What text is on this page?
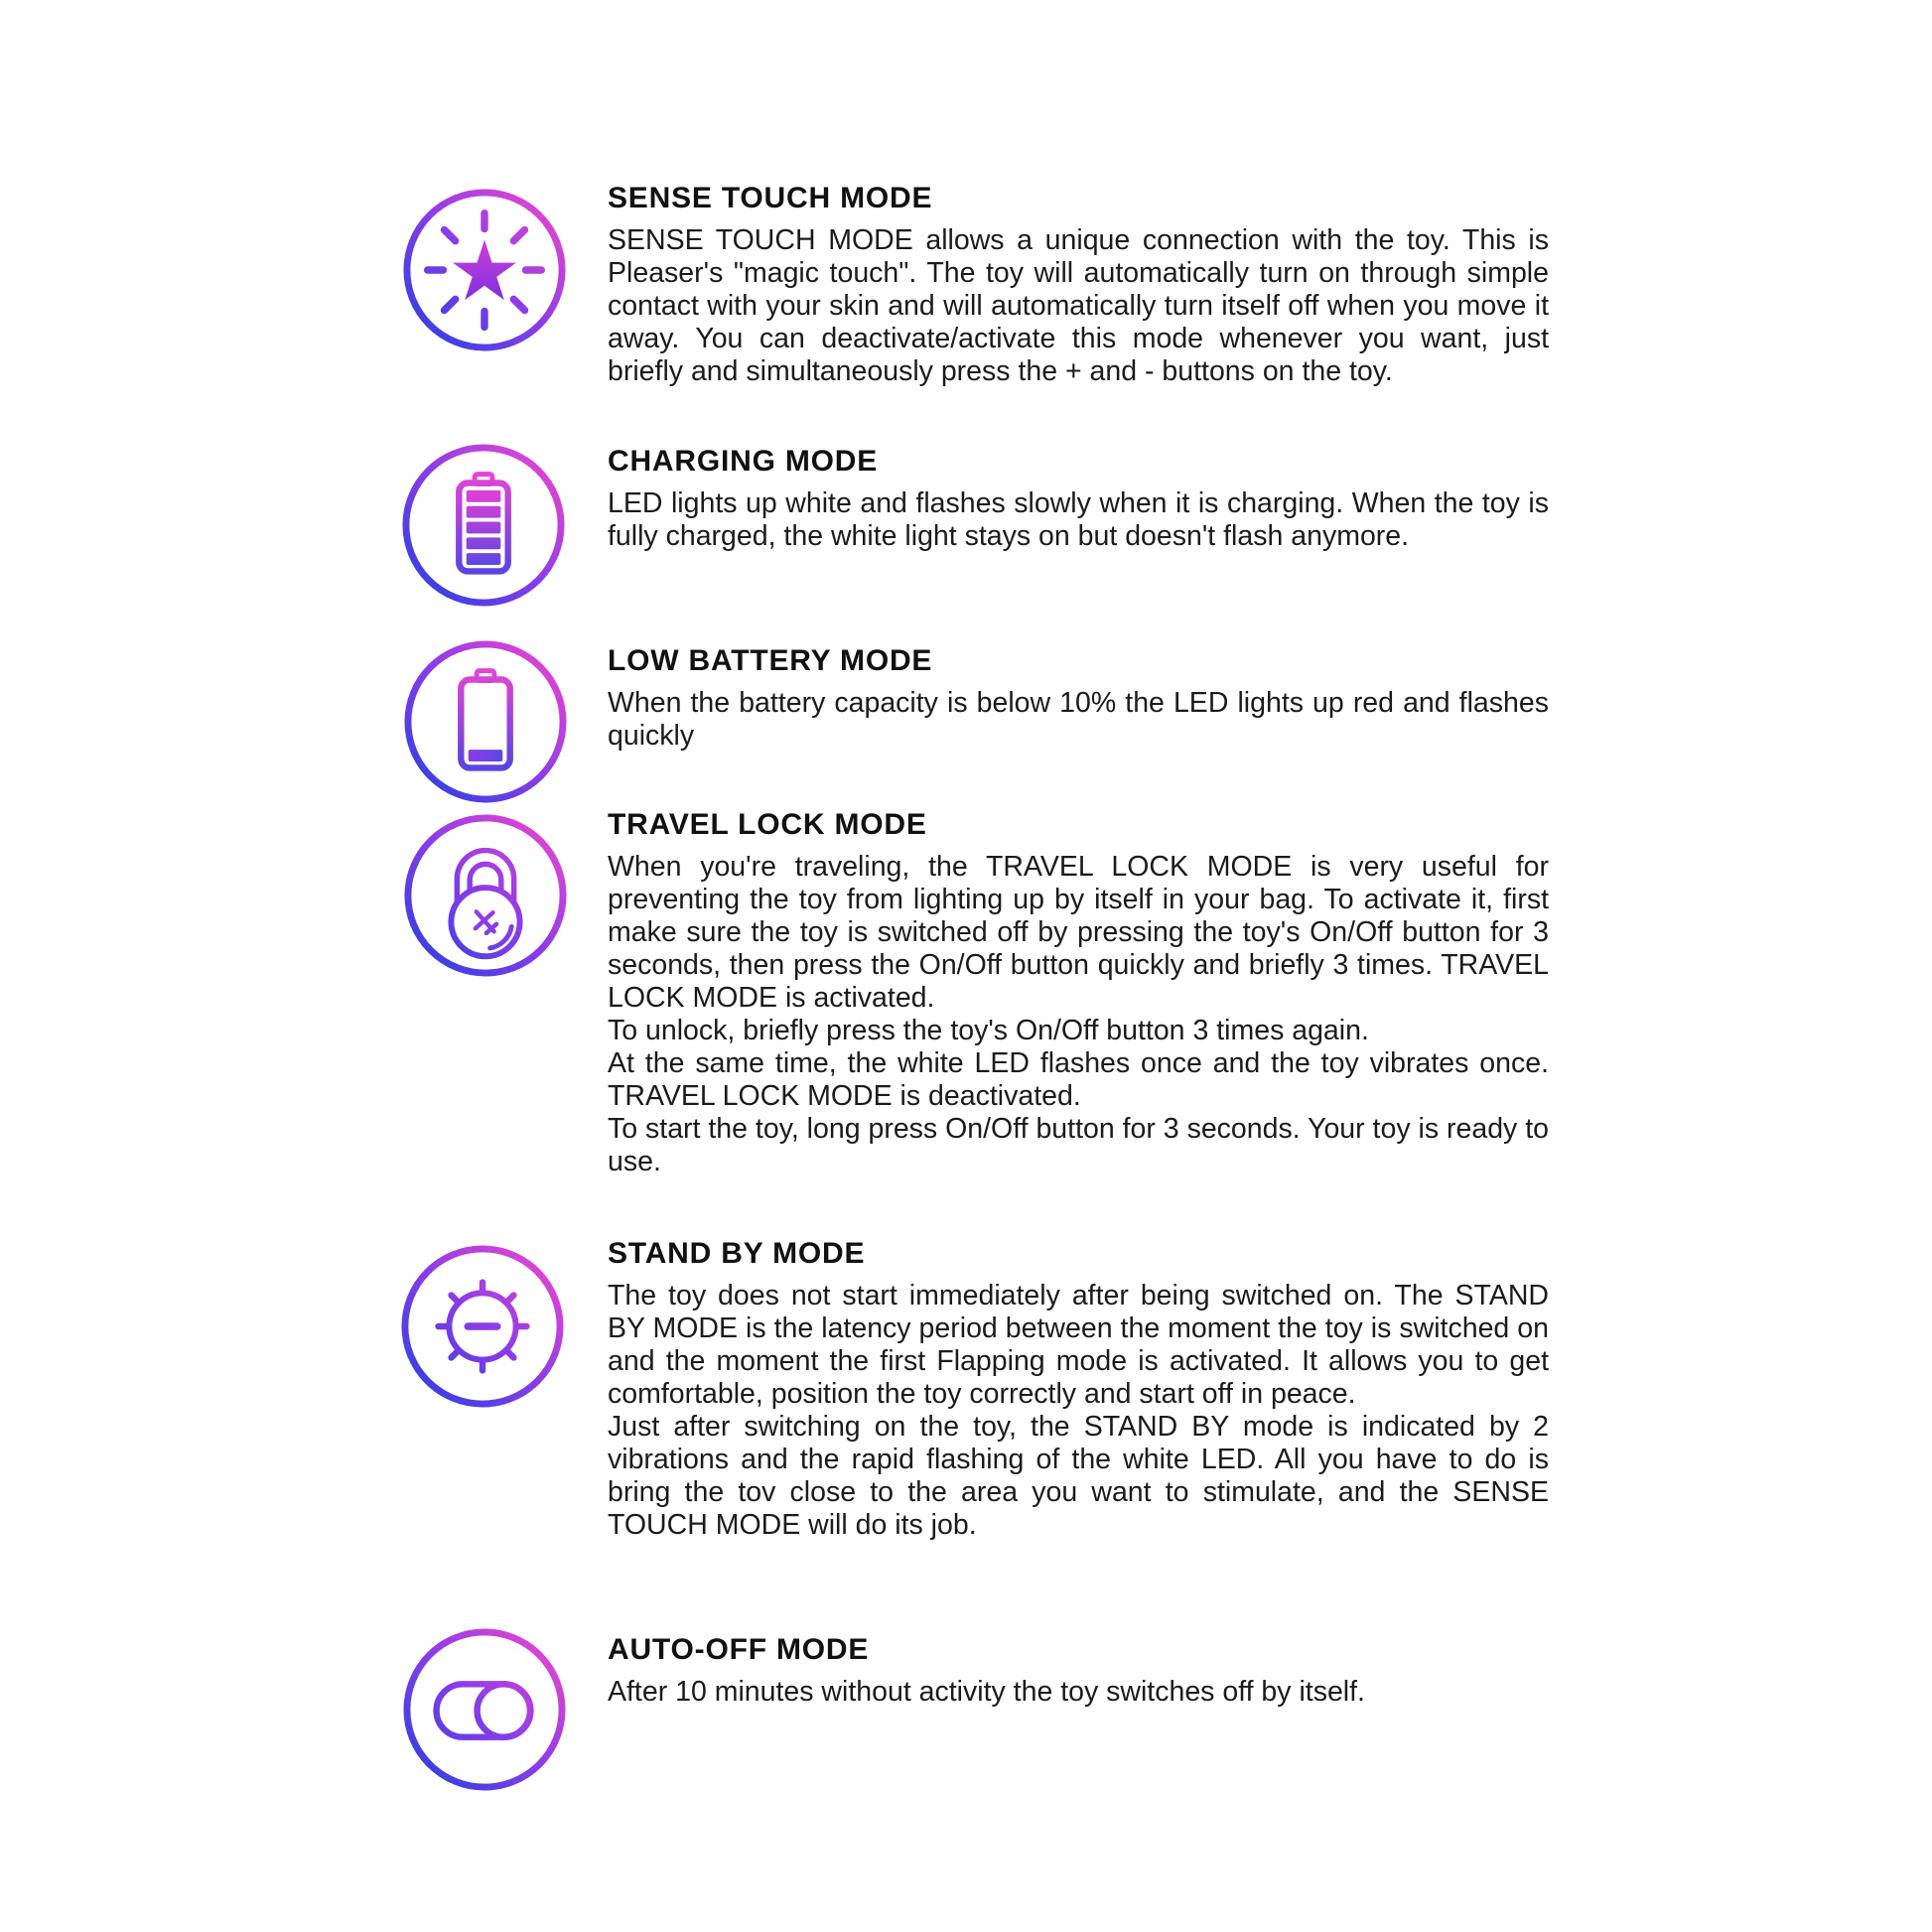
SENSE TOUCH MODE

SENSE TOUCH MODE allows a unique connection with the toy. This is Pleaser's "magic touch". The toy will automatically turn on through simple contact with your skin and will automatically turn itself off when you move it away. You can deactivate/activate this mode whenever you want, just briefly and simultaneously press the + and - buttons on the toy.

CHARGING MODE

LED lights up white and flashes slowly when it is charging. When the toy is fully charged, the white light stays on but doesn't flash anymore.

LOW BATTERY MODE

When the battery capacity is below 10% the LED lights up red and flashes quickly

TRAVEL LOCK MODE

When you're traveling, the TRAVEL LOCK MODE is very useful for preventing the toy from lighting up by itself in your bag. To activate it, first make sure the toy is switched off by pressing the toy's On/Off button for 3 seconds, then press the On/Off button quickly and briefly 3 times. TRAVEL LOCK MODE is activated.

To unlock, briefly press the toy's On/Off button 3 times again.

At the same time, the white LED flashes once and the toy vibrates once. TRAVEL LOCK MODE is deactivated.

To start the toy, long press On/Off button for 3 seconds. Your toy is ready to use.

STAND BY MODE

The toy does not start immediately after being switched on. The STAND BY MODE is the latency period between the moment the toy is switched on and the moment the first Flapping mode is activated. It allows you to get comfortable, position the toy correctly and start off in peace.

Just after switching on the toy, the STAND BY mode is indicated by 2 vibrations and the rapid flashing of the white LED. All you have to do is bring the tov close to the area you want to stimulate, and the SENSE TOUCH MODE will do its job.

AUTO-OFF MODE

After 10 minutes without activity the toy switches off by itself.
